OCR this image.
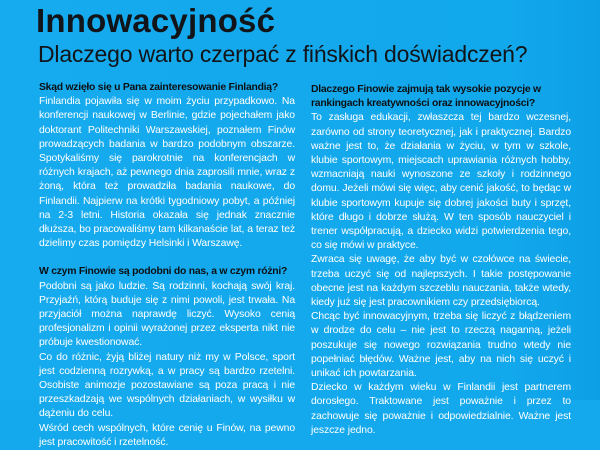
Innowacyjność
Dlaczego warto czerpać z fińskich doświadczeń?

Skąd wzięło się u Pana zainteresowanie Finlandią?

Finlandia pojawiła się w moim życiu przypadkowo. Na konferencji naukowej w Berlinie, gdzie pojechałem jako doktorant Politechniki Warszawskiej, poznałem Finów prowadzących badania w bardzo podobnym obszarze. Spotykaliśmy się parokrotnie na konferencjach w różnych krajach, aż pewnego dnia zaprosili mnie, wraz z żoną, która też prowadziła badania naukowe, do Finlandii. Najpierw na krótki tygodniowy pobyt, a później na 2-3 letni. Historia okazała się jednak znacznie dłuższa, bo pracowaliśmy tam kilkanaście lat, a teraz też dzielimy czas pomiędzy Helsinki i Warszawę.

W czym Finowie są podobni do nas, a w czym różni?

Podobni są jako ludzie. Są rodzinni, kochają swój kraj. Przyjaźń, którą buduje się z nimi powoli, jest trwała. Na przyjaciół można naprawdę liczyć. Wysoko cenią profesjonalizm i opinii wyrażonej przez eksperta nikt nie próbuje kwestionować.

Co do różnic, żyją bliżej natury niż my w Polsce, sport jest codzienną rozrywką, a w pracy są bardzo rzetelni. Osobiste animozje pozostawiane są poza pracą i nie przeszkadzają we wspólnych działaniach, w wysiłku w dążeniu do celu.

Wśród cech wspólnych, które cenię u Finów, na pewno jest pracowitość i rzetelność.

Dlaczego Finowie zajmują tak wysokie pozycje w rankingach kreatywności oraz innowacyjności?

To zasługa edukacji, zwłaszcza tej bardzo wczesnej, zarówno od strony teoretycznej, jak i praktycznej. Bardzo ważne jest to, że działania w życiu, w tym w szkole, klubie sportowym, miejscach uprawiania różnych hobby, wzmacniają nauki wynoszone ze szkoły i rodzinnego domu. Jeżeli mówi się więc, aby cenić jakość, to będąc w klubie sportowym kupuje się dobrej jakości buty i sprzęt, które długo i dobrze służą. W ten sposób nauczyciel i trener współpracują, a dziecko widzi potwierdzenia tego, co się mówi w praktyce.

Zwraca się uwagę, że aby być w czołówce na świecie, trzeba uczyć się od najlepszych. I takie postępowanie obecne jest na każdym szczeblu nauczania, także wtedy, kiedy już się jest pracownikiem czy przedsiębiorcą.

Chcąc być innowacyjnym, trzeba się liczyć z błądzeniem w drodze do celu – nie jest to rzeczą naganną, jeżeli poszukuje się nowego rozwiązania trudno wtedy nie popełniać błędów. Ważne jest, aby na nich się uczyć i unikać ich powtarzania.

Dziecko w każdym wieku w Finlandii jest partnerem dorosłego. Traktowane jest poważnie i przez to zachowuje się poważnie i odpowiedzialnie. Ważne jest jeszcze jedno.
